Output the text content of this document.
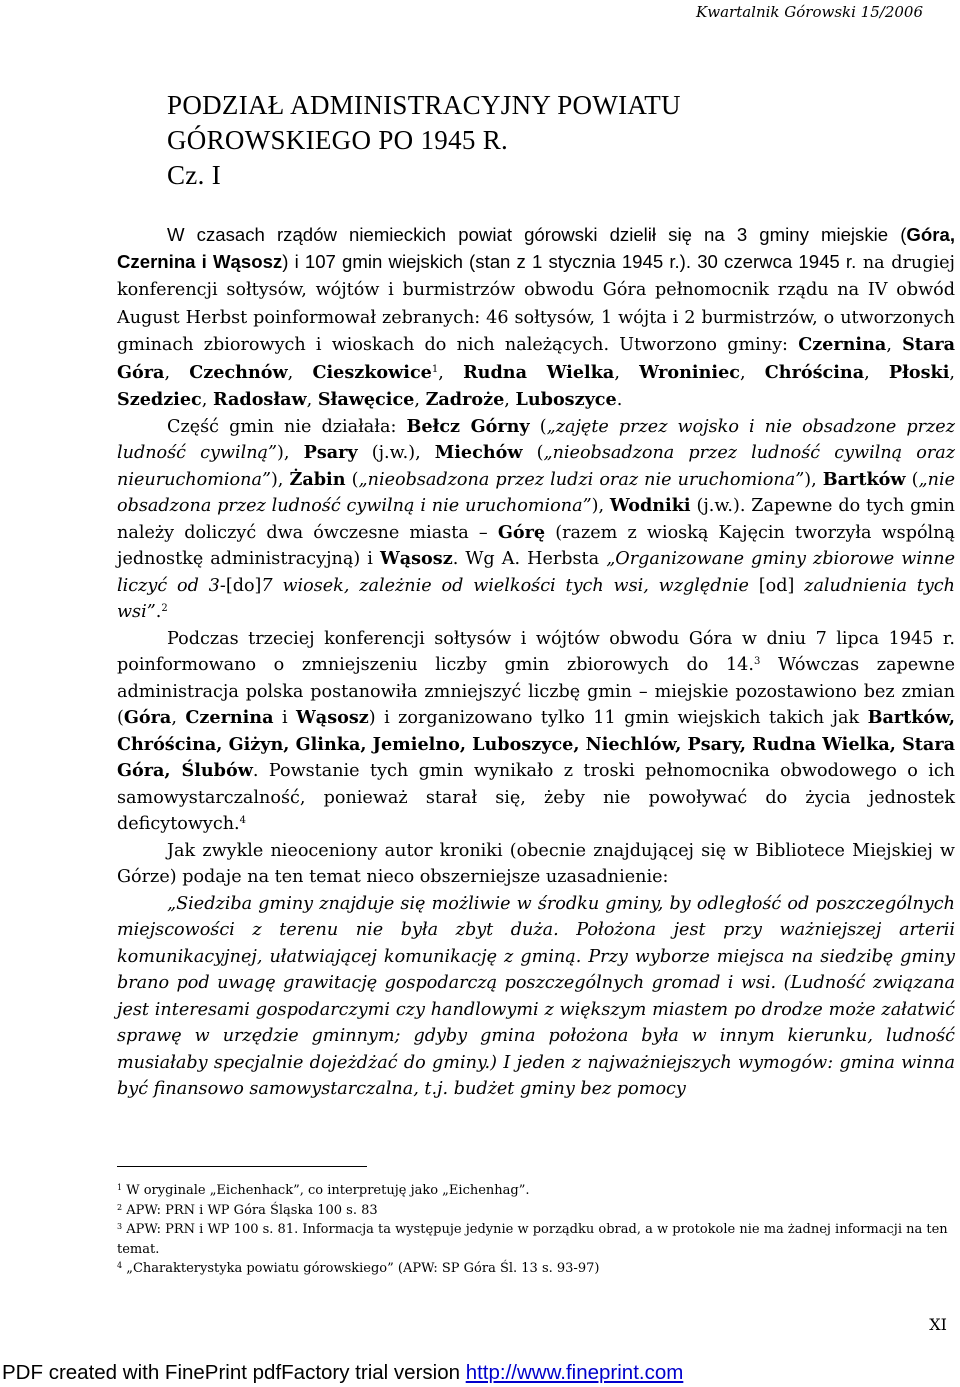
Kwartalnik Górowski 15/2006
PODZIAŁ ADMINISTRACYJNY POWIATU
GÓROWSKIEGO PO 1945 R.
Cz. I

W czasach rządów niemieckich powiat górowski dzielił się na 3 gminy miejskie (Góra, Czernina i Wąsosz) i 107 gmin wiejskich (stan z 1 stycznia 1945 r.). 30 czerwca 1945 r. na drugiej konferencji sołtysów, wójtów i burmistrzów obwodu Góra pełnomocnik rządu na IV obwód August Herbst poinformował zebranych: 46 sołtysów, 1 wójta i 2 burmistrzów, o utworzonych gminach zbiorowych i wioskach do nich należących. Utworzono gminy: Czernina, Stara Góra, Czechnów, Cieszkowice$^1$, Rudna Wielka, Wroniniec, Chróścina, Płoski, Szedziec, Radosław, Sławęcice, Zadroże, Luboszyce.

Część gmin nie działała: Bełcz Górny („zajęte przez wojsko i nie obsadzone przez ludność cywilną”), Psary (j.w.), Miechów („nieobsadzona przez ludność cywilną oraz nieuruchomiona”), Żabin („nieobsadzona przez ludzi oraz nie uruchomiona”), Bartków („nie obsadzona przez ludność cywilną i nie uruchomiona”), Wodniki (j.w.). Zapewne do tych gmin należy doliczyć dwa ówczesne miasta – Górę (razem z wioską Kajęcin tworzyła wspólną jednostkę administracyjną) i Wąsosz. Wg A. Herbsta „Organizowane gminy zbiorowe winne liczyć od 3-[do]7 wiosek, zależnie od wielkości tych wsi, względnie [od] zaludnienia tych wsi”.$^2$

Podczas trzeciej konferencji sołtysów i wójtów obwodu Góra w dniu 7 lipca 1945 r. poinformowano o zmniejszeniu liczby gmin zbiorowych do 14.$^3$ Wówczas zapewne administracja polska postanowiła zmniejszyć liczbę gmin – miejskie pozostawiono bez zmian (Góra, Czernina i Wąsosz) i zorganizowano tylko 11 gmin wiejskich takich jak Bartków, Chróścina, Giżyn, Glinka, Jemielno, Luboszyce, Niechlów, Psary, Rudna Wielka, Stara Góra, Ślubów. Powstanie tych gmin wynikało z troski pełnomocnika obwodowego o ich samowystarczalność, ponieważ starał się, żeby nie powoływać do życia jednostek deficytowych.$^4$

Jak zwykle nieoceniony autor kroniki (obecnie znajdującej się w Bibliotece Miejskiej w Górze) podaje na ten temat nieco obszerniejsze uzasadnienie:

„Siedziba gminy znajduje się możliwie w środku gminy, by odległość od poszczególnych miejscowości z terenu nie była zbyt duża. Położona jest przy ważniejszej arterii komunikacyjnej, ułatwiającej komunikację z gminą. Przy wyborze miejsca na siedzibę gminy brano pod uwagę grawitację gospodarczą poszczególnych gromad i wsi. (Ludność związana jest interesami gospodarczymi czy handlowymi z większym miastem po drodze może załatwić sprawę w urzędzie gminnym; gdyby gmina położona była w innym kierunku, ludność musiałaby specjalnie dojeżdżać do gminy.) I jeden z najważniejszych wymogów: gmina winna być finansowo samowystarczalna, t.j. budżet gminy bez pomocy

$^1$ W oryginale „Eichenhack”, co interpretuję jako „Eichenhag”.

$^2$ APW: PRN i WP Góra Śląska 100 s. 83

$^3$ APW: PRN i WP 100 s. 81. Informacja ta występuje jedynie w porządku obrad, a w protokole nie ma żadnej informacji na ten temat.

$^4$ „Charakterystyka powiatu górowskiego” (APW: SP Góra Śl. 13 s. 93-97)

XI
PDF created with FinePrint pdfFactory trial version http://www.fineprint.com
